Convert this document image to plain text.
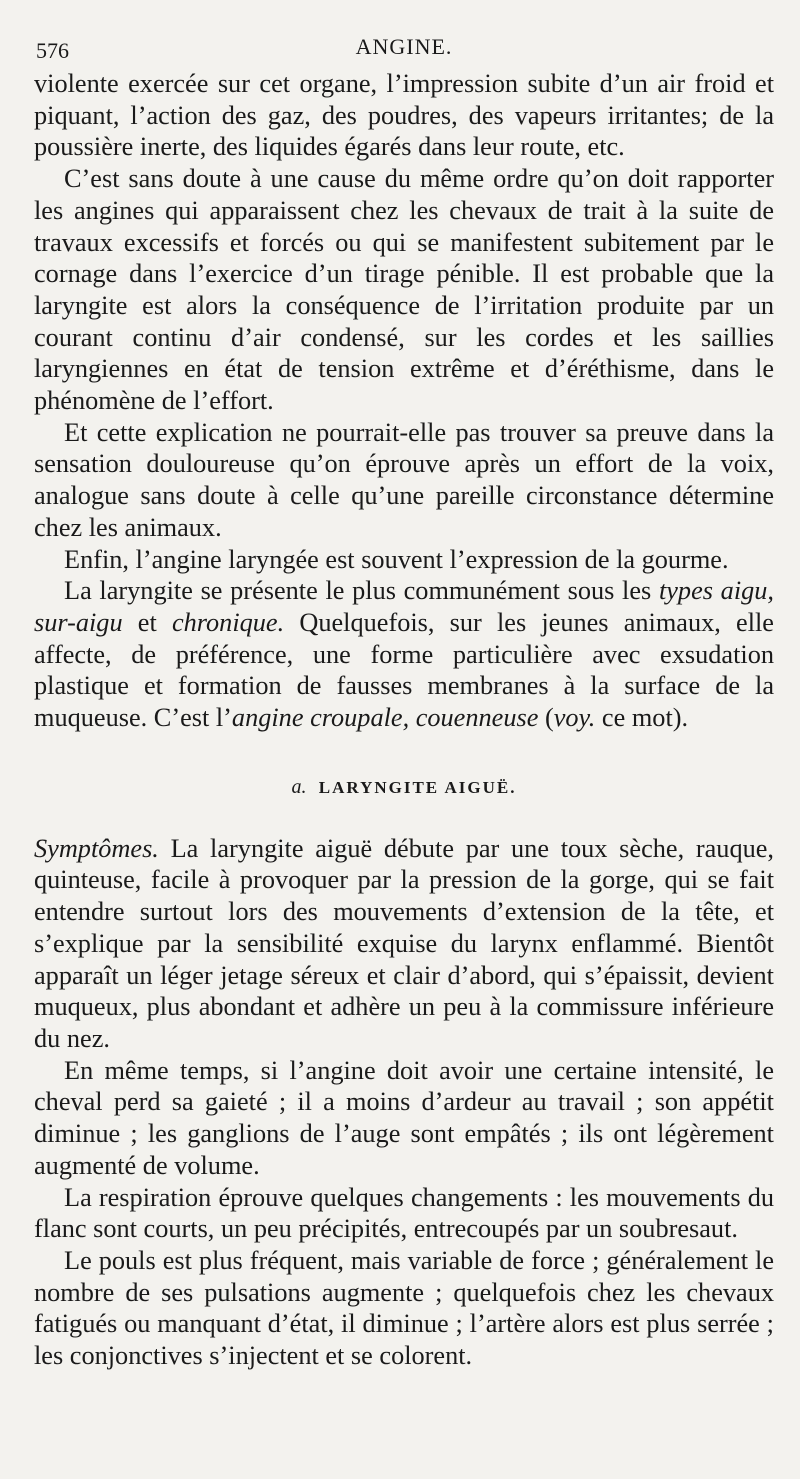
576	ANGINE.

violente exercée sur cet organe, l’impression subite d’un air froid et piquant, l’action des gaz, des poudres, des vapeurs irritantes; de la poussière inerte, des liquides égarés dans leur route, etc.

C’est sans doute à une cause du même ordre qu’on doit rapporter les angines qui apparaissent chez les chevaux de trait à la suite de travaux excessifs et forcés ou qui se manifestent subitement par le cornage dans l’exercice d’un tirage pénible. Il est probable que la laryngite est alors la conséquence de l’irritation produite par un courant continu d’air condensé, sur les cordes et les saillies laryngiennes en état de tension extrême et d’éréthisme, dans le phénomène de l’effort.

Et cette explication ne pourrait-elle pas trouver sa preuve dans la sensation douloureuse qu’on éprouve après un effort de la voix, analogue sans doute à celle qu’une pareille circonstance détermine chez les animaux.

Enfin, l’angine laryngée est souvent l’expression de la gourme.

La laryngite se présente le plus communément sous les types aigu, sur-aigu et chronique. Quelquefois, sur les jeunes animaux, elle affecte, de préférence, une forme particulière avec exsudation plastique et formation de fausses membranes à la surface de la muqueuse. C’est l’angine croupale, couenneuse (voy. ce mot).

a. LARYNGITE AIGUË.

Symptômes. La laryngite aiguë débute par une toux sèche, rauque, quinteuse, facile à provoquer par la pression de la gorge, qui se fait entendre surtout lors des mouvements d’extension de la tête, et s’explique par la sensibilité exquise du larynx enflammé. Bientôt apparaît un léger jetage séreux et clair d’abord, qui s’épaissit, devient muqueux, plus abondant et adhère un peu à la commissure inférieure du nez.

En même temps, si l’angine doit avoir une certaine intensité, le cheval perd sa gaieté ; il a moins d’ardeur au travail ; son appétit diminue ; les ganglions de l’auge sont empâtés ; ils ont légèrement augmenté de volume.

La respiration éprouve quelques changements : les mouvements du flanc sont courts, un peu précipités, entrecoupés par un soubresaut.

Le pouls est plus fréquent, mais variable de force ; généralement le nombre de ses pulsations augmente ; quelquefois chez les chevaux fatigués ou manquant d’état, il diminue ; l’artère alors est plus serrée ; les conjonctives s’injectent et se colorent.
